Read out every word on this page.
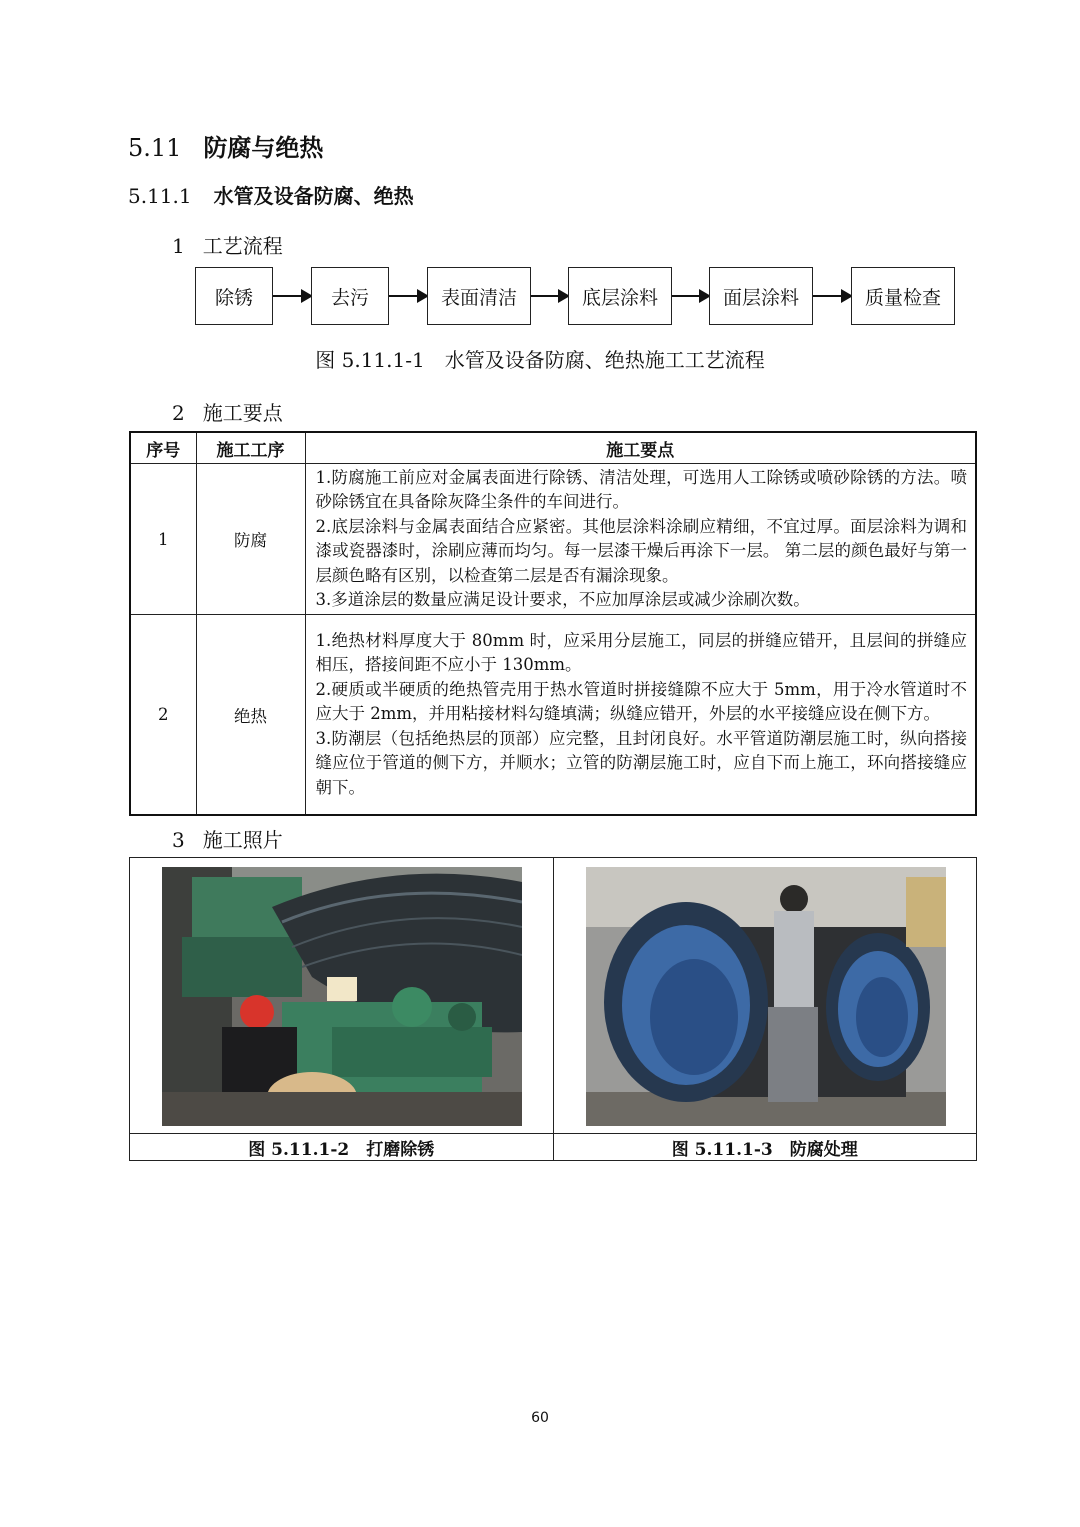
5.11 防腐与绝热
5.11.1 水管及设备防腐、绝热
1 工艺流程
除锈	去污	表面清洁	底层涂料	面层涂料	质量检查
图 5.11.1-1　水管及设备防腐、绝热施工工艺流程
2 施工要点
序号	施工工序	施工要点
1	防腐	1.防腐施工前应对金属表面进行除锈、清洁处理，可选用人工除锈或喷砂除锈的方法。喷砂除锈宜在具备除灰降尘条件的车间进行。
2.底层涂料与金属表面结合应紧密。其他层涂料涂刷应精细，不宜过厚。面层涂料为调和漆或瓷器漆时，涂刷应薄而均匀。每一层漆干燥后再涂下一层。 第二层的颜色最好与第一层颜色略有区别，以检查第二层是否有漏涂现象。
3.多道涂层的数量应满足设计要求，不应加厚涂层或减少涂刷次数。
2	绝热	1.绝热材料厚度大于 80mm 时，应采用分层施工，同层的拼缝应错开，且层间的拼缝应相压，搭接间距不应小于 130mm。
2.硬质或半硬质的绝热管壳用于热水管道时拼接缝隙不应大于 5mm，用于冷水管道时不应大于 2mm，并用粘接材料勾缝填满；纵缝应错开，外层的水平接缝应设在侧下方。
3.防潮层（包括绝热层的顶部）应完整，且封闭良好。水平管道防潮层施工时，纵向搭接缝应位于管道的侧下方，并顺水；立管的防潮层施工时，应自下而上施工，环向搭接缝应朝下。
3 施工照片

图 5.11.1-2　打磨除锈	图 5.11.1-3　防腐处理
60
